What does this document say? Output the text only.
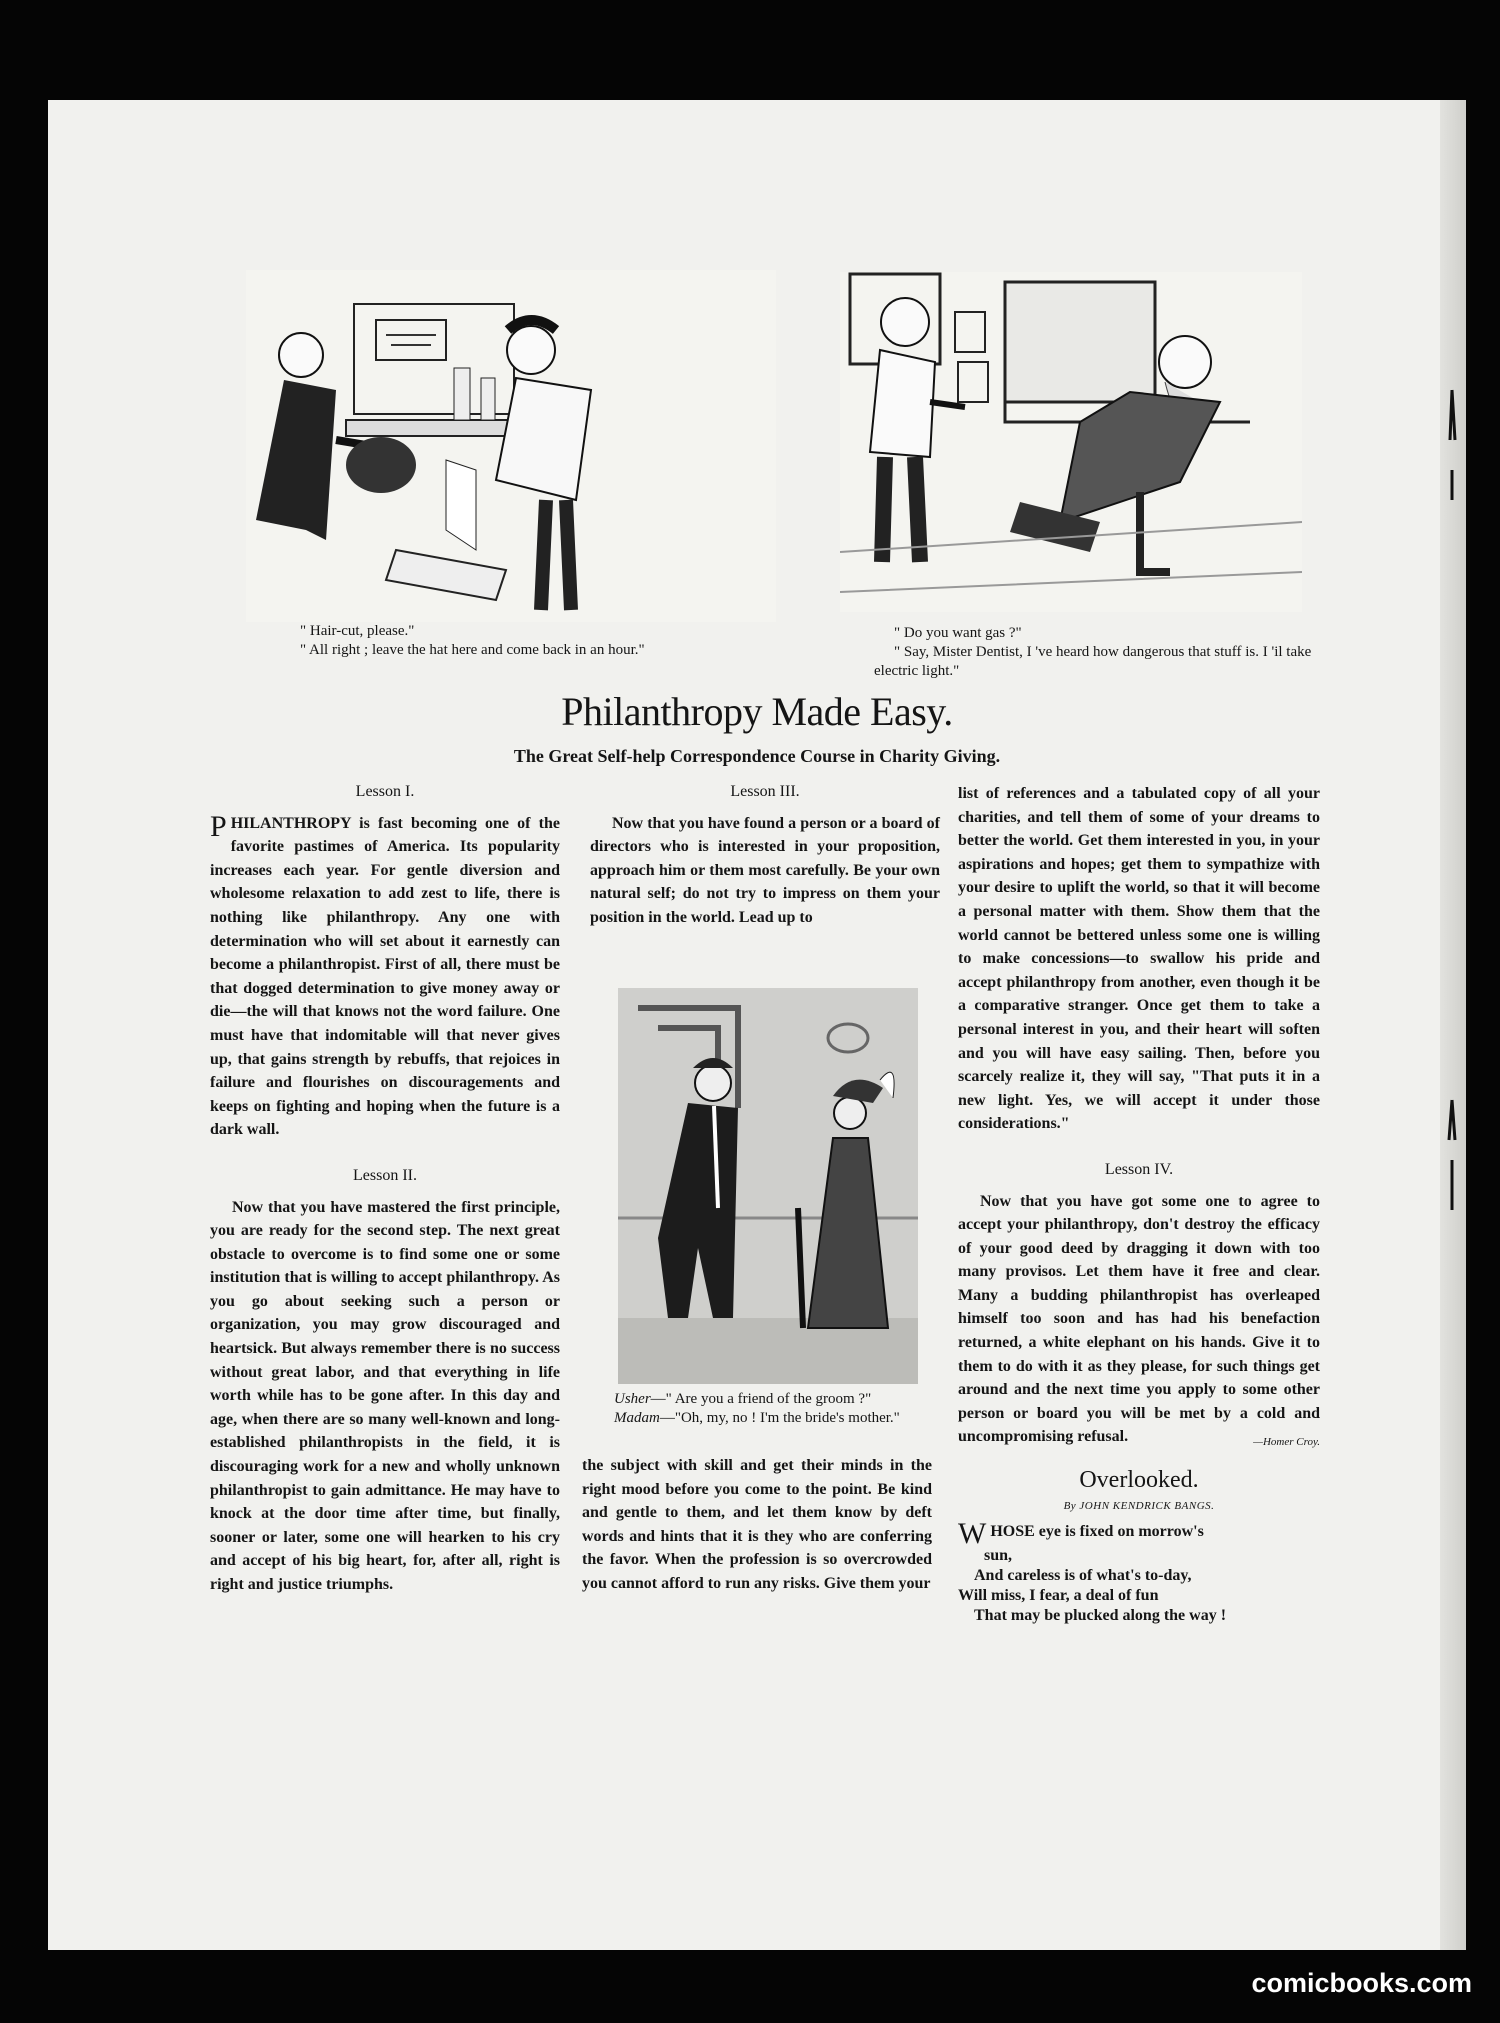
" Hair-cut, please."

" All right ; leave the hat here and come back in an hour."

" Do you want gas ?"

" Say, Mister Dentist, I 've heard how dangerous that stuff is. I 'il take electric light."

Philanthropy Made Easy.
The Great Self-help Correspondence Course in Charity Giving.
Lesson I.

PHILANTHROPY is fast becoming one of the favorite pastimes of America. Its popularity increases each year. For gentle diversion and wholesome relaxation to add zest to life, there is nothing like philanthropy. Any one with determination who will set about it earnestly can become a philanthropist. First of all, there must be that dogged determination to give money away or die—the will that knows not the word failure. One must have that indomitable will that never gives up, that gains strength by rebuffs, that rejoices in failure and flourishes on discouragements and keeps on fighting and hoping when the future is a dark wall.

Lesson II.

Now that you have mastered the first principle, you are ready for the second step. The next great obstacle to overcome is to find some one or some institution that is willing to accept philanthropy. As you go about seeking such a person or organization, you may grow discouraged and heartsick. But always remember there is no success without great labor, and that everything in life worth while has to be gone after. In this day and age, when there are so many well-known and long-established philanthropists in the field, it is discouraging work for a new and wholly unknown philanthropist to gain admittance. He may have to knock at the door time after time, but finally, sooner or later, some one will hearken to his cry and accept of his big heart, for, after all, right is right and justice triumphs.

Lesson III.

Now that you have found a person or a board of directors who is interested in your proposition, approach him or them most carefully. Be your own natural self; do not try to impress on them your position in the world. Lead up to

Usher—" Are you a friend of the groom ?"

Madam—"Oh, my, no ! I'm the bride's mother."

the subject with skill and get their minds in the right mood before you come to the point. Be kind and gentle to them, and let them know by deft words and hints that it is they who are conferring the favor. When the profession is so overcrowded you cannot afford to run any risks. Give them your

list of references and a tabulated copy of all your charities, and tell them of some of your dreams to better the world. Get them interested in you, in your aspirations and hopes; get them to sympathize with your desire to uplift the world, so that it will become a personal matter with them. Show them that the world cannot be bettered unless some one is willing to make concessions—to swallow his pride and accept philanthropy from another, even though it be a comparative stranger. Once get them to take a personal interest in you, and their heart will soften and you will have easy sailing. Then, before you scarcely realize it, they will say, "That puts it in a new light. Yes, we will accept it under those considerations."

Lesson IV.

Now that you have got some one to agree to accept your philanthropy, don't destroy the efficacy of your good deed by dragging it down with too many provisos. Let them have it free and clear. Many a budding philanthropist has overleaped himself too soon and has had his benefaction returned, a white elephant on his hands. Give it to them to do with it as they please, for such things get around and the next time you apply to some other person or board you will be met by a cold and uncompromising refusal.	—Homer Croy.

Overlooked.
By JOHN KENDRICK BANGS.
WHOSE eye is fixed on morrow's
sun,
And careless is of what's to-day,
Will miss, I fear, a deal of fun
That may be plucked along the way !
comicbooks.com
